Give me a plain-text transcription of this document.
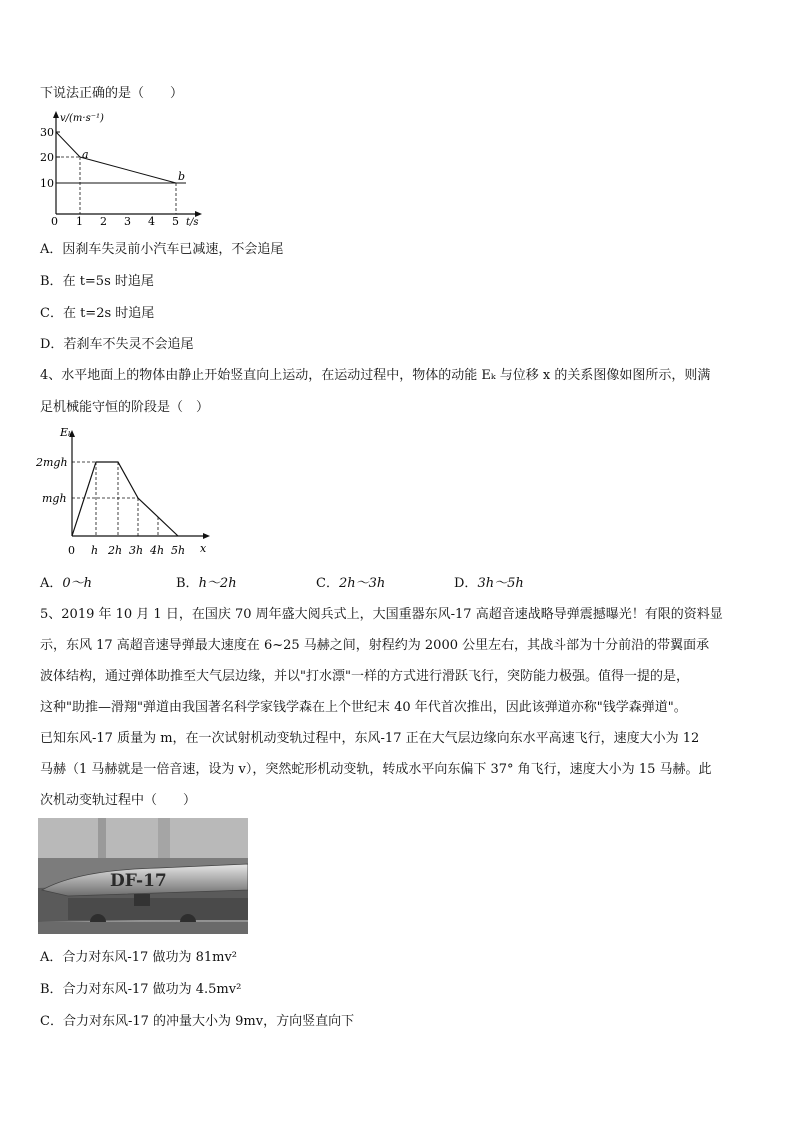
下说法正确的是（　　）
30
20
10
0 1 2 3 4 5
v/(m·s⁻¹)
t/s
a
b
A．因刹车失灵前小汽车已减速，不会追尾
B．在 t=5s 时追尾
C．在 t=2s 时追尾
D．若刹车不失灵不会追尾
4、水平地面上的物体由静止开始竖直向上运动，在运动过程中，物体的动能 Eₖ 与位移 x 的关系图像如图所示，则满
足机械能守恒的阶段是（　）
Eₖ
2mgh
mgh
0 h 2h 3h 4h 5h x
A．0～h	B．h～2h	C．2h～3h	D．3h～5h
5、2019 年 10 月 1 日，在国庆 70 周年盛大阅兵式上，大国重器东风-17 高超音速战略导弹震撼曝光！有限的资料显
示，东风 17 高超音速导弹最大速度在 6~25 马赫之间，射程约为 2000 公里左右，其战斗部为十分前沿的带翼面承
波体结构，通过弹体助推至大气层边缘，并以"打水漂"一样的方式进行滑跃飞行，突防能力极强。值得一提的是，
这种"助推—滑翔"弹道由我国著名科学家钱学森在上个世纪末 40 年代首次推出，因此该弹道亦称"钱学森弹道"。
已知东风-17 质量为 m，在一次试射机动变轨过程中，东风-17 正在大气层边缘向东水平高速飞行，速度大小为 12
马赫（1 马赫就是一倍音速，设为 v），突然蛇形机动变轨，转成水平向东偏下 37° 角飞行，速度大小为 15 马赫。此
次机动变轨过程中（　　）
DF-17
A．合力对东风-17 做功为 81mv²
B．合力对东风-17 做功为 4.5mv²
C．合力对东风-17 的冲量大小为 9mv，方向竖直向下
